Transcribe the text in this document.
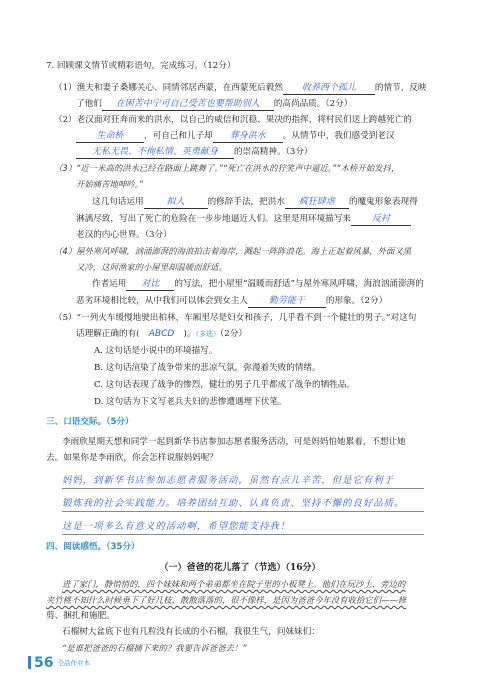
7. 回顾课文情节或精彩语句，完成练习。（12分）
（1）渔夫和妻子桑娜关心、同情邻居西蒙，在西蒙死后毅然 收养西个孤儿 的情节，反映
了他们 在困苦中宁可自己受苦也要帮助别人 的高尚品质。（2分）
（2）老汉面对狂奔而来的洪水，以自己的威信和沉稳、果决的指挥，将村民们送上跨越死亡的
生命桥 ，可自己和儿子却 葬身洪水 。从情节中，我们感受到老汉
无私无畏、不徇私情、英勇献身 的崇高精神。（3分）
（3）“近一米高的洪水已经在路面上跳舞了。”“死亡在洪水的狞笑声中逼近。”“木桥开始发抖，
开始痛苦地呻吟。”
这几句话运用	拟人	的修辞手法，把洪水 疯狂肆虐 的魔鬼形象表现得
淋漓尽致，写出了死亡的危险在一步步地逼近人们。这里是用环境描写来 反衬
老汉的内心世界。（3分）
（4）屋外寒风呼啸，汹涌澎湃的海浪拍击着海岸，溅起一阵阵浪花。海上正起着风暴，外面又黑
又冷，这间渔家的小屋里却温暖而舒适。
作者运用 对比 的写法，把小屋里“温暖而舒适”与屋外寒风呼啸，海浪汹涌澎湃的
恶劣环境相比较，从中我们可以体会到女主人 勤劳能干 的形象。（2分）
（5）“一列火车缓慢地驶出柏林，车厢里尽是妇女和孩子，几乎看不到一个健壮的男子。”对这句
话理解正确的有( ABCD )。（多选）（2分）
A. 这句话是小说中的环境描写。
B. 这句话渲染了战争带来的悲凉气氛，弥漫着失败的情绪。
C. 这句话表现了战争的惨烈，健壮的男子几乎都成了战争的牺牲品。
D. 这句话为下文写老兵夫妇的悲惨遭遇埋下伏笔。
三、口语交际。（5分）
李雨欣星期天想和同学一起到新华书店参加志愿者服务活动，可是妈妈怕她累着，不想让她
去。如果你是李雨欣，你会怎样说服妈妈呢？
妈妈，到新华书店参加志愿者服务活动，虽然有点儿辛苦，但是它有利于
锻炼我的社会实践能力。培养团结互助、认真负责、坚持不懈的良好品质。
这是一项多么有意义的活动啊，希望您能支持我！
四、阅读感悟。（35分）
（一）爸爸的花儿落了（节选）（16分）
进了家门，静悄悄的，四个妹妹和两个弟弟都坐在院子里的小板凳上。他们在玩沙土，旁边的
夹竹桃不知什么时候垂下了好几枝，散散落落的，很不像样，是因为爸爸今年没有收拾它们——修
剪、捆扎和施肥。
石榴树大盆底下也有几粒没有长成的小石榴，我很生气，问妹妹们：
“是谁把爸爸的石榴摘下来的？我要告诉爸爸去！”
56 全品作业本
